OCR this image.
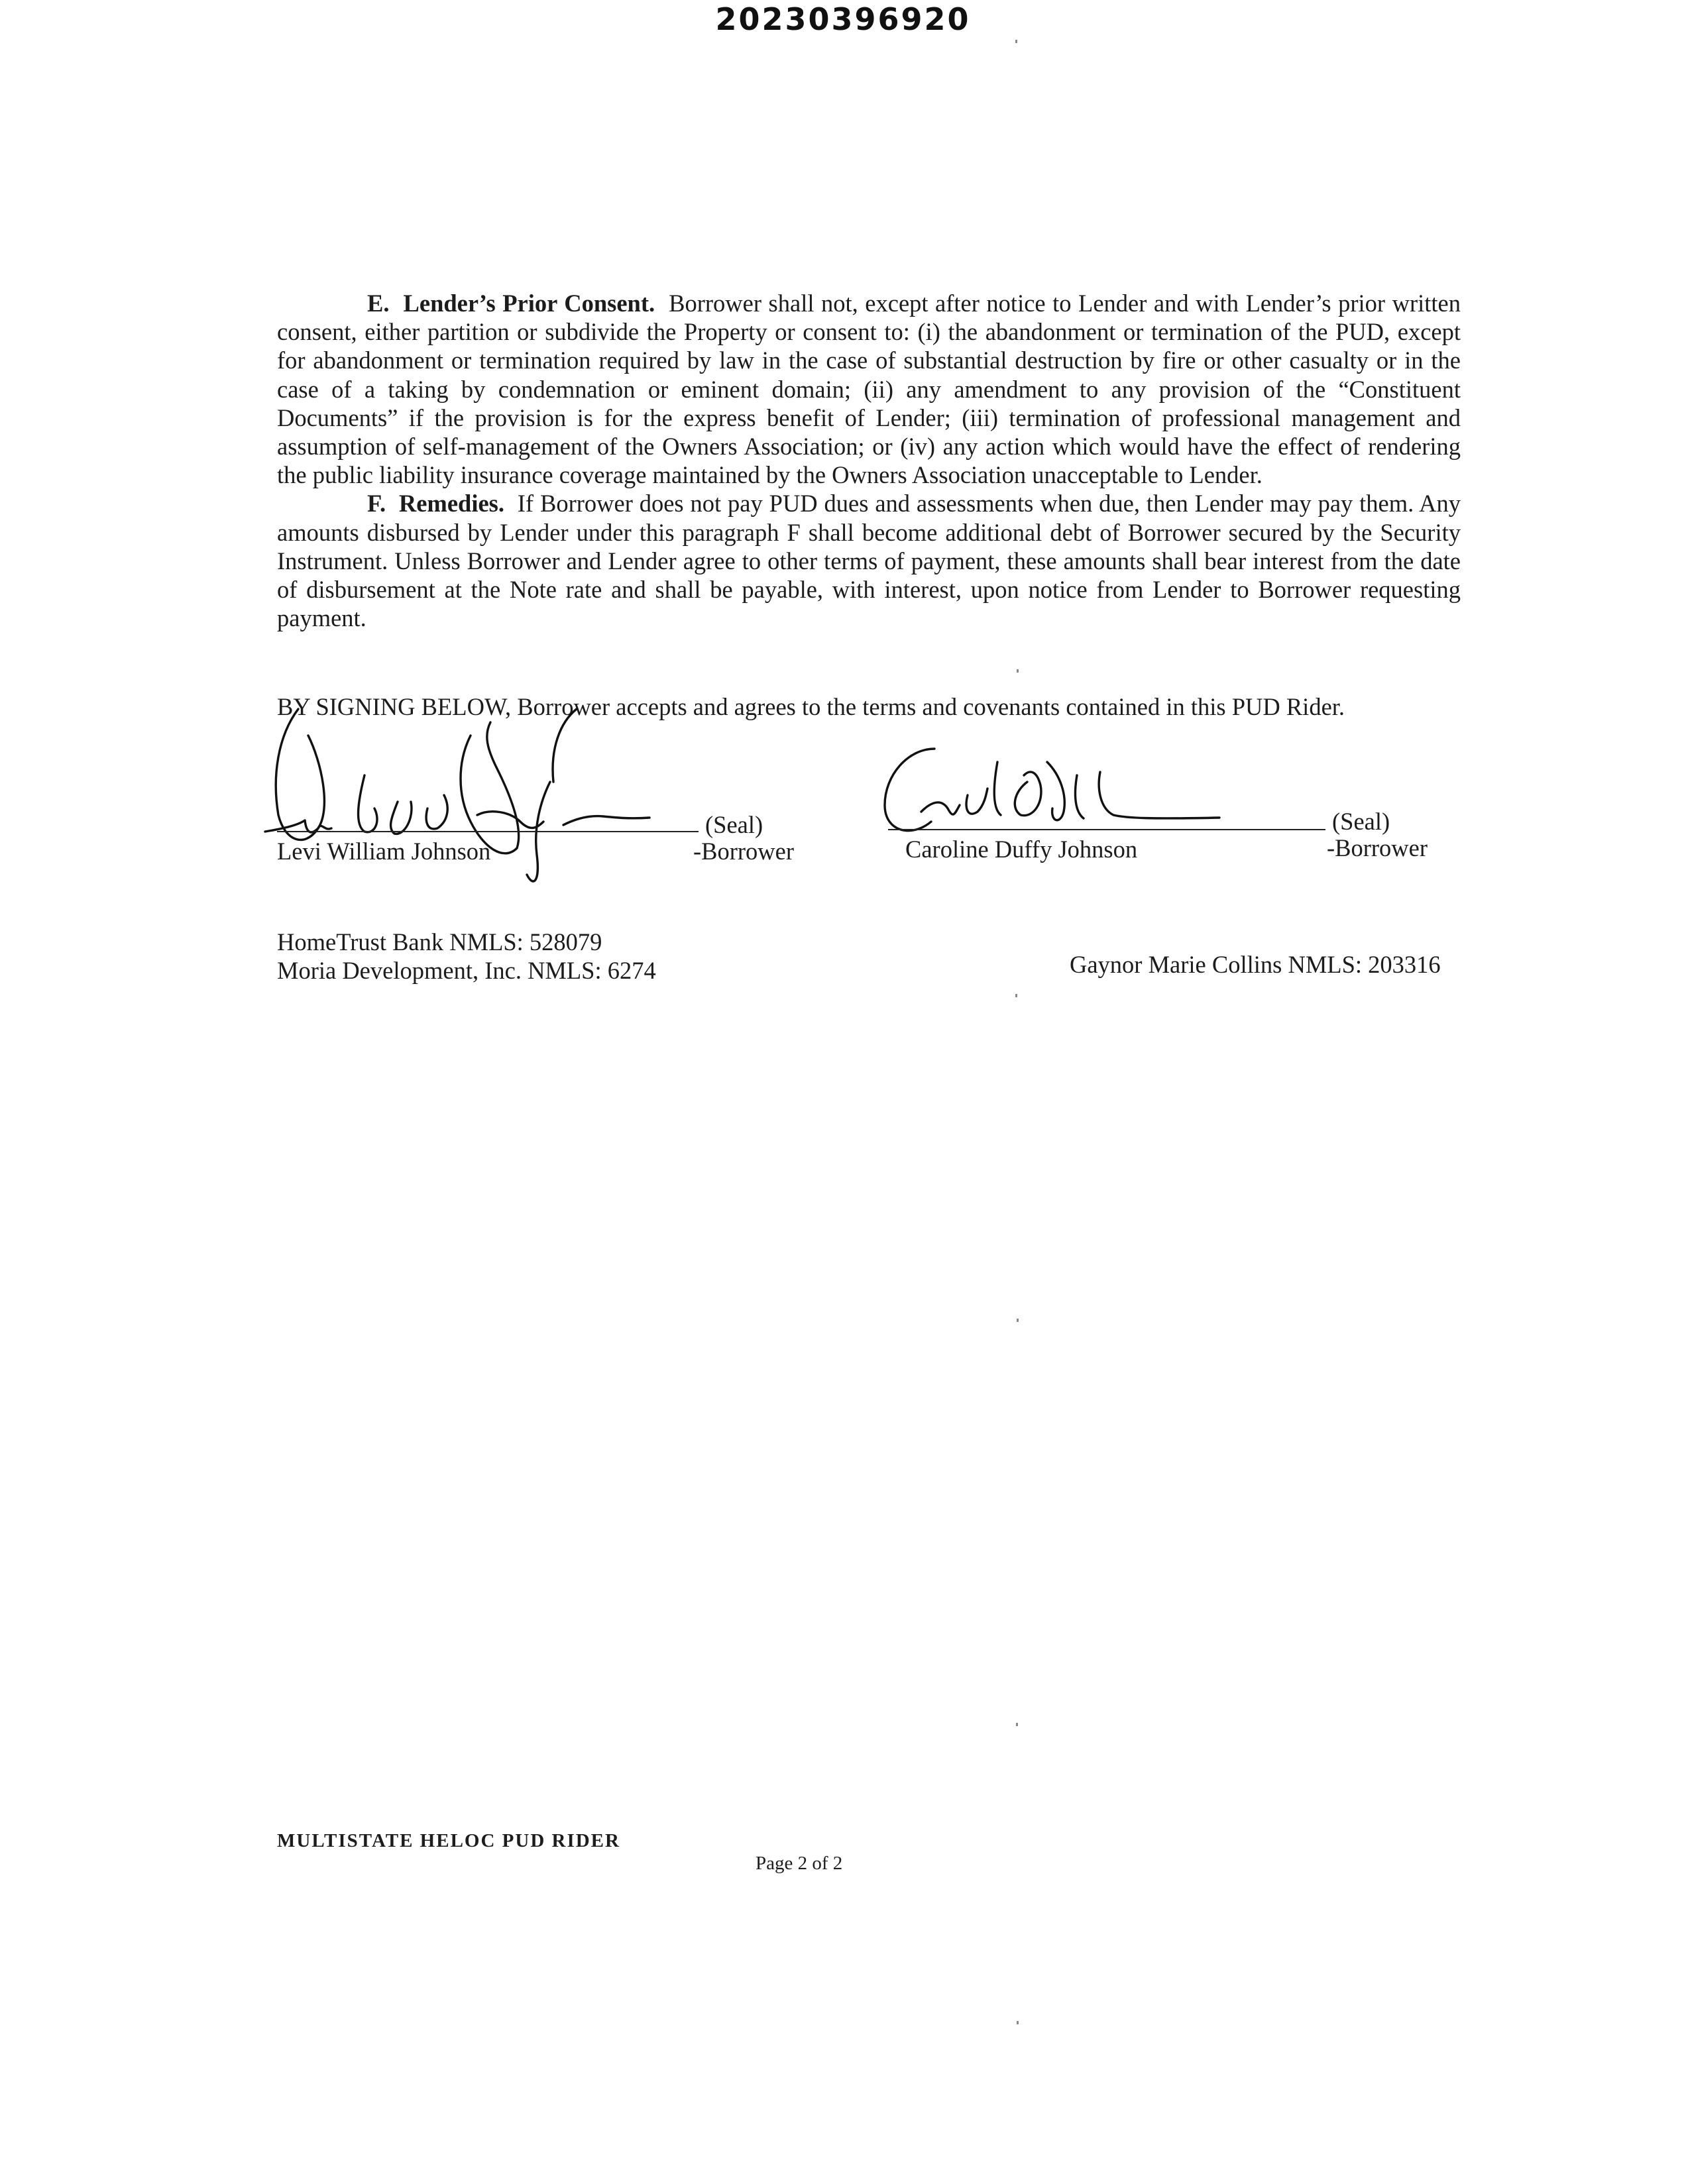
20230396920

E. Lender’s Prior Consent. Borrower shall not, except after notice to Lender and with Lender’s prior written consent, either partition or subdivide the Property or consent to: (i) the abandonment or termination of the PUD, except for abandonment or termination required by law in the case of substantial destruction by fire or other casualty or in the case of a taking by condemnation or eminent domain; (ii) any amendment to any provision of the “Constituent Documents” if the provision is for the express benefit of Lender; (iii) termination of professional management and assumption of self-management of the Owners Association; or (iv) any action which would have the effect of rendering the public liability insurance coverage maintained by the Owners Association unacceptable to Lender.

F. Remedies. If Borrower does not pay PUD dues and assessments when due, then Lender may pay them. Any amounts disbursed by Lender under this paragraph F shall become additional debt of Borrower secured by the Security Instrument. Unless Borrower and Lender agree to other terms of payment, these amounts shall bear interest from the date of disbursement at the Note rate and shall be payable, with interest, upon notice from Lender to Borrower requesting payment.

BY SIGNING BELOW, Borrower accepts and agrees to the terms and covenants contained in this PUD Rider.
(Seal)
Levi William Johnson	-Borrower
(Seal)
Caroline Duffy Johnson	-Borrower
HomeTrust Bank NMLS: 528079
Moria Development, Inc. NMLS: 6274	Gaynor Marie Collins NMLS: 203316
MULTISTATE HELOC PUD RIDER
Page 2 of 2
